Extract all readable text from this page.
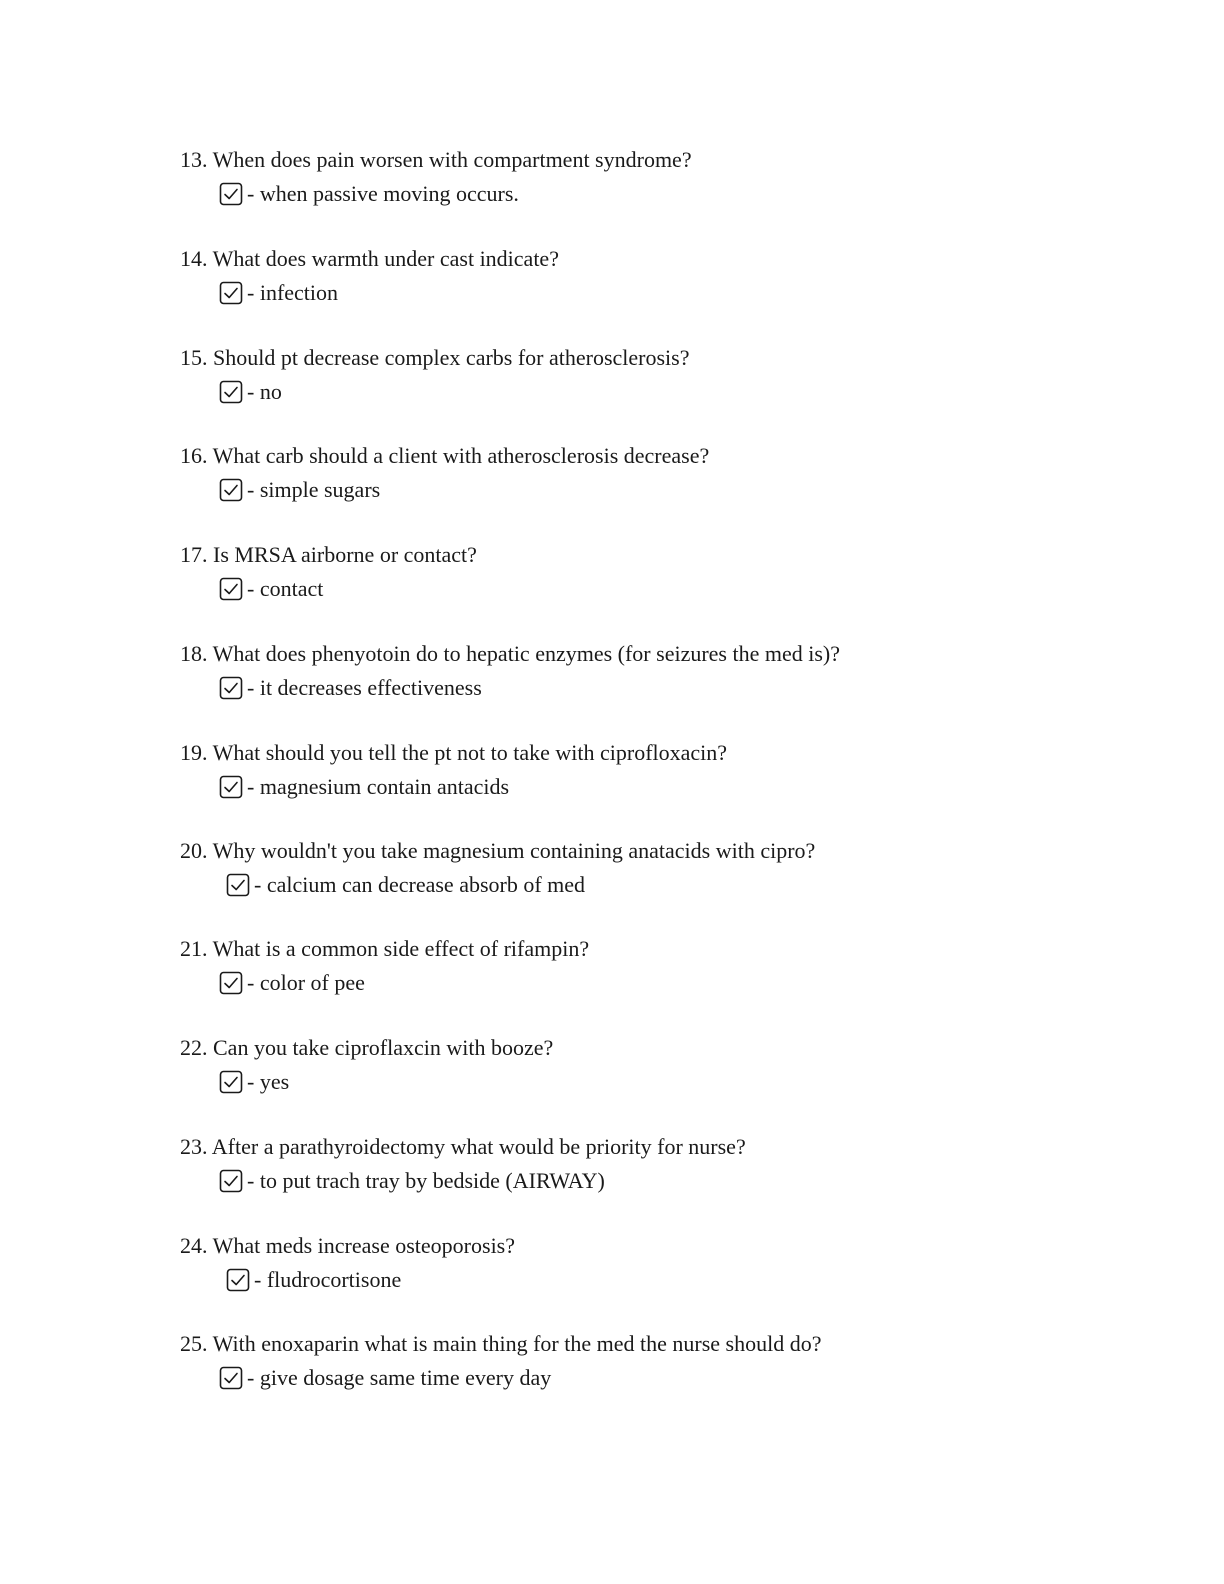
13. When does pain worsen with compartment syndrome?
- when passive moving occurs.
14. What does warmth under cast indicate?
- infection
15. Should pt decrease complex carbs for atherosclerosis?
- no
16. What carb should a client with atherosclerosis decrease?
- simple sugars
17. Is MRSA airborne or contact?
- contact
18. What does phenyotoin do to hepatic enzymes (for seizures the med is)?
- it decreases effectiveness
19. What should you tell the pt not to take with ciprofloxacin?
- magnesium contain antacids
20. Why wouldn't you take magnesium containing anatacids with cipro?
- calcium can decrease absorb of med
21. What is a common side effect of rifampin?
- color of pee
22. Can you take ciproflaxcin with booze?
- yes
23. After a parathyroidectomy what would be priority for nurse?
- to put trach tray by bedside (AIRWAY)
24. What meds increase osteoporosis?
- fludrocortisone
25. With enoxaparin what is main thing for the med the nurse should do?
- give dosage same time every day
